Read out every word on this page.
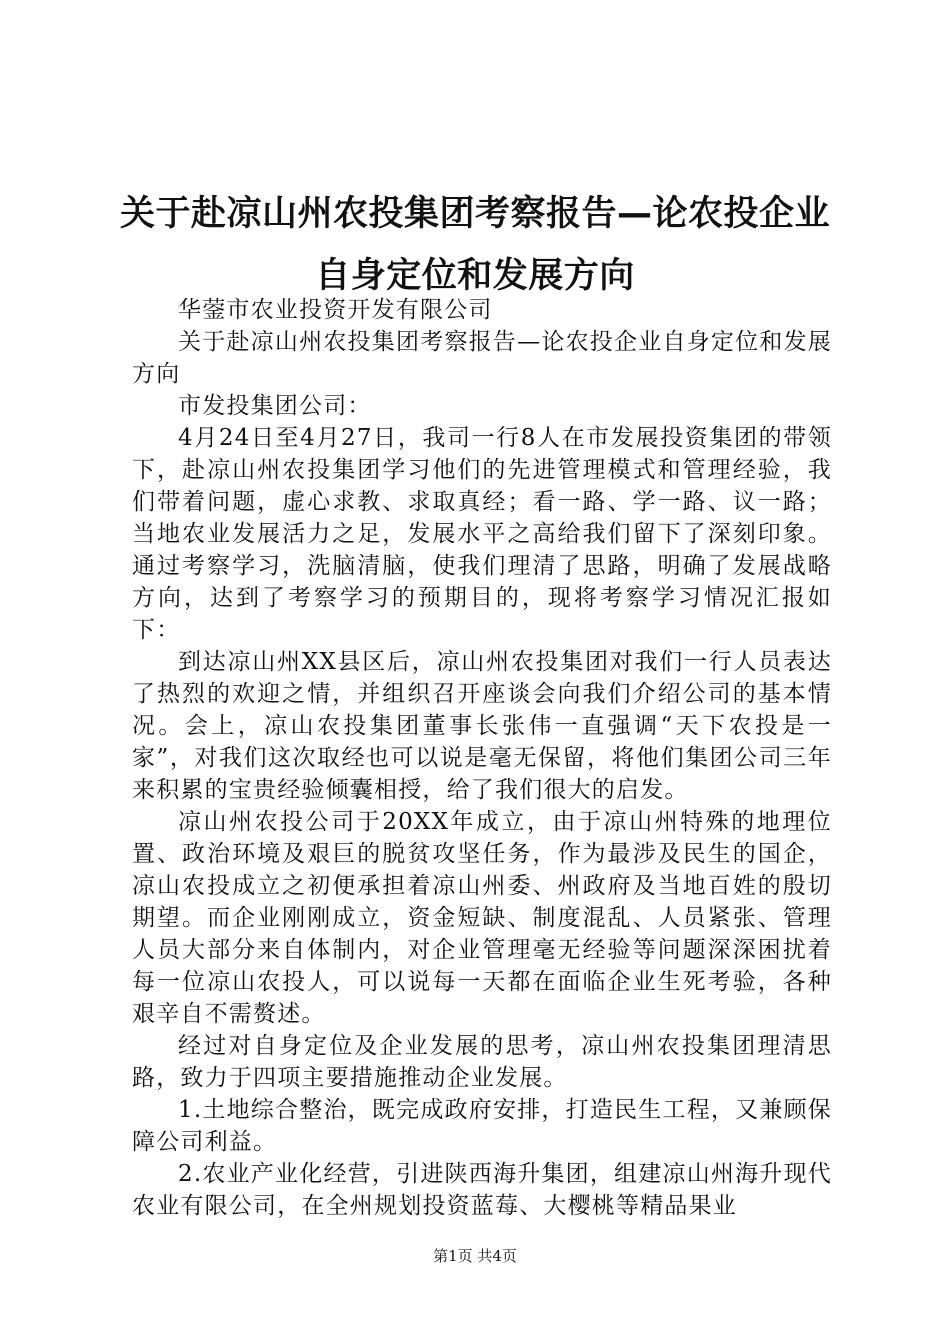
关于赴凉山州农投集团考察报告—论农投企业自身定位和发展方向

华蓥市农业投资开发有限公司

关于赴凉山州农投集团考察报告—论农投企业自身定位和发展方向

市发投集团公司：

4月24日至4月27日，我司一行8人在市发展投资集团的带领下，赴凉山州农投集团学习他们的先进管理模式和管理经验，我们带着问题，虚心求教、求取真经；看一路、学一路、议一路；当地农业发展活力之足，发展水平之高给我们留下了深刻印象。通过考察学习，洗脑清脑，使我们理清了思路，明确了发展战略方向，达到了考察学习的预期目的，现将考察学习情况汇报如下：

到达凉山州XX县区后，凉山州农投集团对我们一行人员表达了热烈的欢迎之情，并组织召开座谈会向我们介绍公司的基本情况。会上，凉山农投集团董事长张伟一直强调“天下农投是一家”，对我们这次取经也可以说是毫无保留，将他们集团公司三年来积累的宝贵经验倾囊相授，给了我们很大的启发。

凉山州农投公司于20XX年成立，由于凉山州特殊的地理位置、政治环境及艰巨的脱贫攻坚任务，作为最涉及民生的国企，凉山农投成立之初便承担着凉山州委、州政府及当地百姓的殷切期望。而企业刚刚成立，资金短缺、制度混乱、人员紧张、管理人员大部分来自体制内，对企业管理毫无经验等问题深深困扰着每一位凉山农投人，可以说每一天都在面临企业生死考验，各种艰辛自不需赘述。

经过对自身定位及企业发展的思考，凉山州农投集团理清思路，致力于四项主要措施推动企业发展。

1.土地综合整治，既完成政府安排，打造民生工程，又兼顾保障公司利益。

2.农业产业化经营，引进陕西海升集团，组建凉山州海升现代农业有限公司，在全州规划投资蓝莓、大樱桃等精品果业

第1页 共4页
